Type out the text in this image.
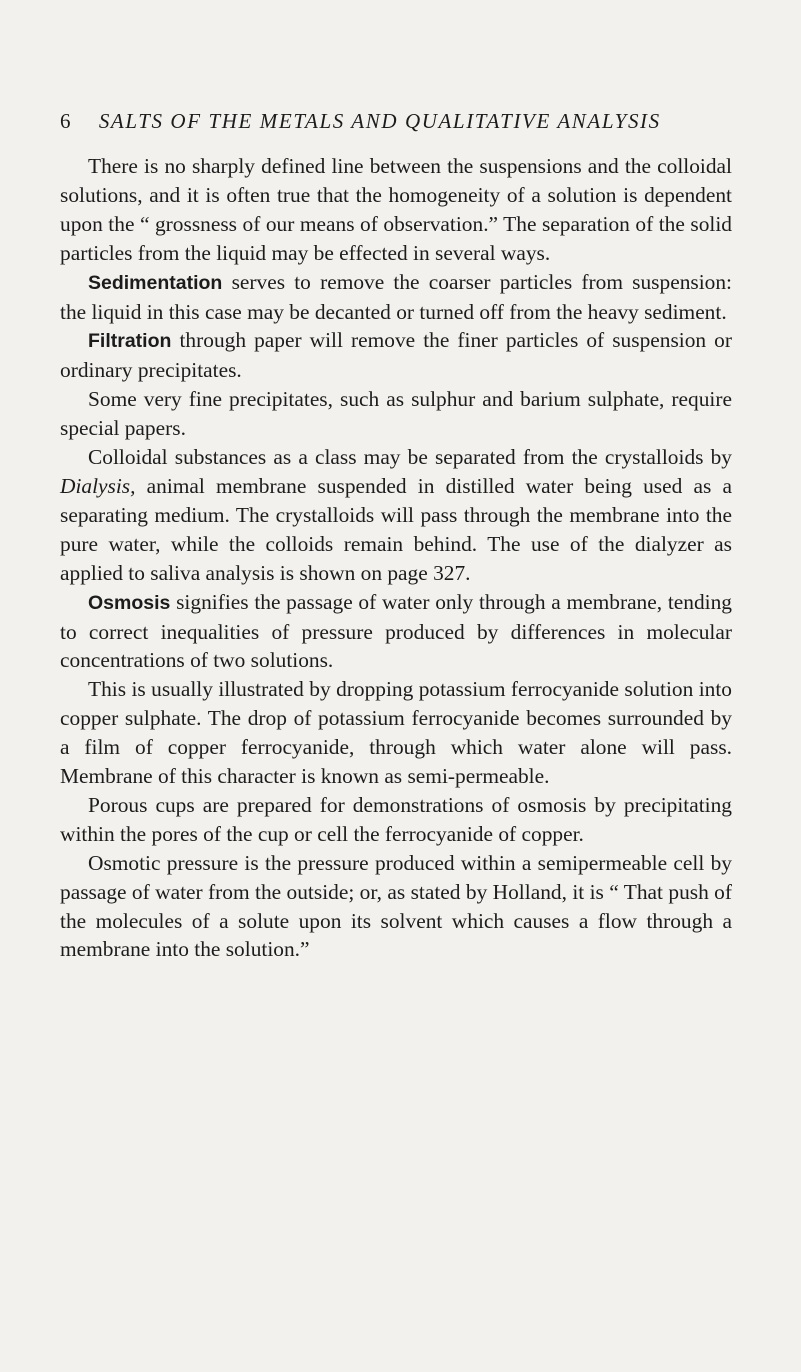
6 SALTS OF THE METALS AND QUALITATIVE ANALYSIS

There is no sharply defined line between the suspensions and the colloidal solutions, and it is often true that the homogeneity of a solution is dependent upon the “ grossness of our means of observation.” The separation of the solid particles from the liquid may be effected in several ways.

Sedimentation serves to remove the coarser particles from suspension: the liquid in this case may be decanted or turned off from the heavy sediment.

Filtration through paper will remove the finer particles of suspension or ordinary precipitates.

Some very fine precipitates, such as sulphur and barium sulphate, require special papers.

Colloidal substances as a class may be separated from the crystalloids by Dialysis, animal membrane suspended in distilled water being used as a separating medium. The crystalloids will pass through the membrane into the pure water, while the colloids remain behind. The use of the dialyzer as applied to saliva analysis is shown on page 327.

Osmosis signifies the passage of water only through a membrane, tending to correct inequalities of pressure produced by differences in molecular concentrations of two solutions.

This is usually illustrated by dropping potassium ferrocyanide solution into copper sulphate. The drop of potassium ferrocyanide becomes surrounded by a film of copper ferrocyanide, through which water alone will pass. Membrane of this character is known as semi-permeable.

Porous cups are prepared for demonstrations of osmosis by precipitating within the pores of the cup or cell the ferrocyanide of copper.

Osmotic pressure is the pressure produced within a semipermeable cell by passage of water from the outside; or, as stated by Holland, it is “ That push of the molecules of a solute upon its solvent which causes a flow through a membrane into the solution.”
